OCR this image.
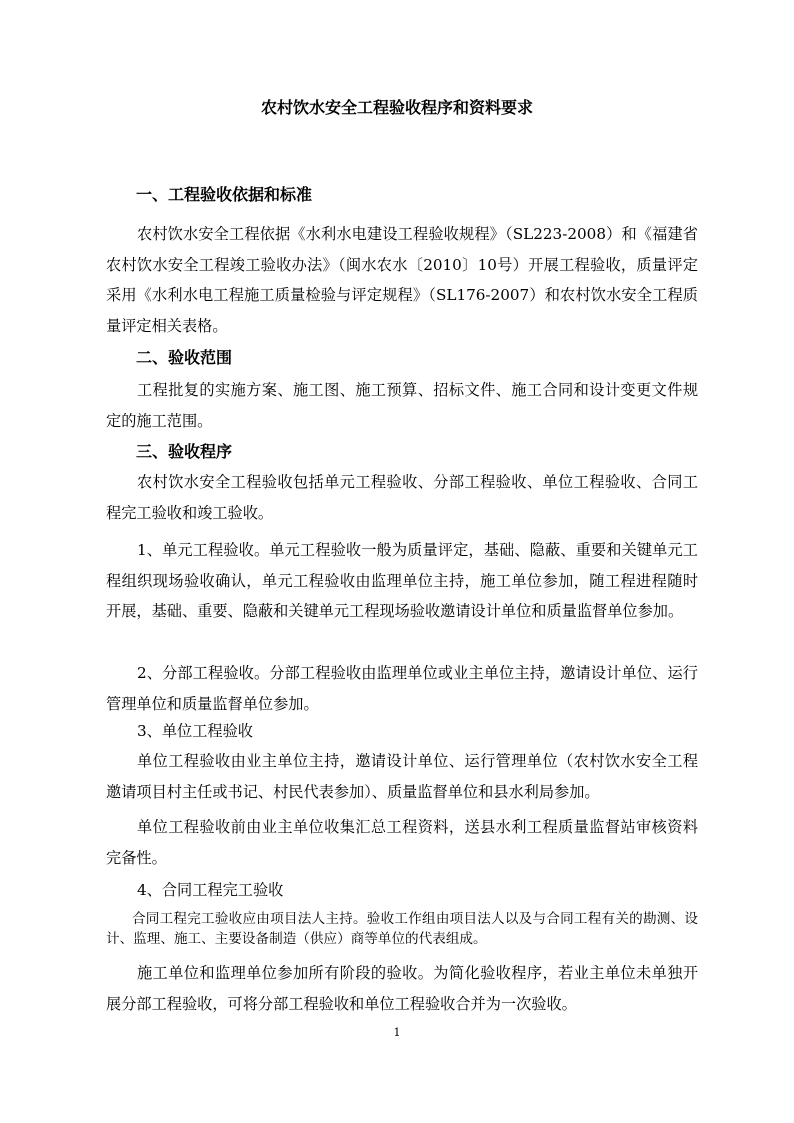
农村饮水安全工程验收程序和资料要求
一、工程验收依据和标准
农村饮水安全工程依据《水利水电建设工程验收规程》（SL223-2008）和《福建省农村饮水安全工程竣工验收办法》（闽水农水〔2010〕10号）开展工程验收，质量评定采用《水利水电工程施工质量检验与评定规程》（SL176-2007）和农村饮水安全工程质量评定相关表格。
二、验收范围
工程批复的实施方案、施工图、施工预算、招标文件、施工合同和设计变更文件规定的施工范围。
三、验收程序
农村饮水安全工程验收包括单元工程验收、分部工程验收、单位工程验收、合同工程完工验收和竣工验收。
1、单元工程验收。单元工程验收一般为质量评定，基础、隐蔽、重要和关键单元工程组织现场验收确认，单元工程验收由监理单位主持，施工单位参加，随工程进程随时开展，基础、重要、隐蔽和关键单元工程现场验收邀请设计单位和质量监督单位参加。
2、分部工程验收。分部工程验收由监理单位或业主单位主持，邀请设计单位、运行管理单位和质量监督单位参加。
3、单位工程验收
单位工程验收由业主单位主持，邀请设计单位、运行管理单位（农村饮水安全工程邀请项目村主任或书记、村民代表参加）、质量监督单位和县水利局参加。
单位工程验收前由业主单位收集汇总工程资料，送县水利工程质量监督站审核资料完备性。
4、合同工程完工验收
合同工程完工验收应由项目法人主持。验收工作组由项目法人以及与合同工程有关的勘测、设计、监理、施工、主要设备制造（供应）商等单位的代表组成。
施工单位和监理单位参加所有阶段的验收。为简化验收程序，若业主单位未单独开展分部工程验收，可将分部工程验收和单位工程验收合并为一次验收。
1
